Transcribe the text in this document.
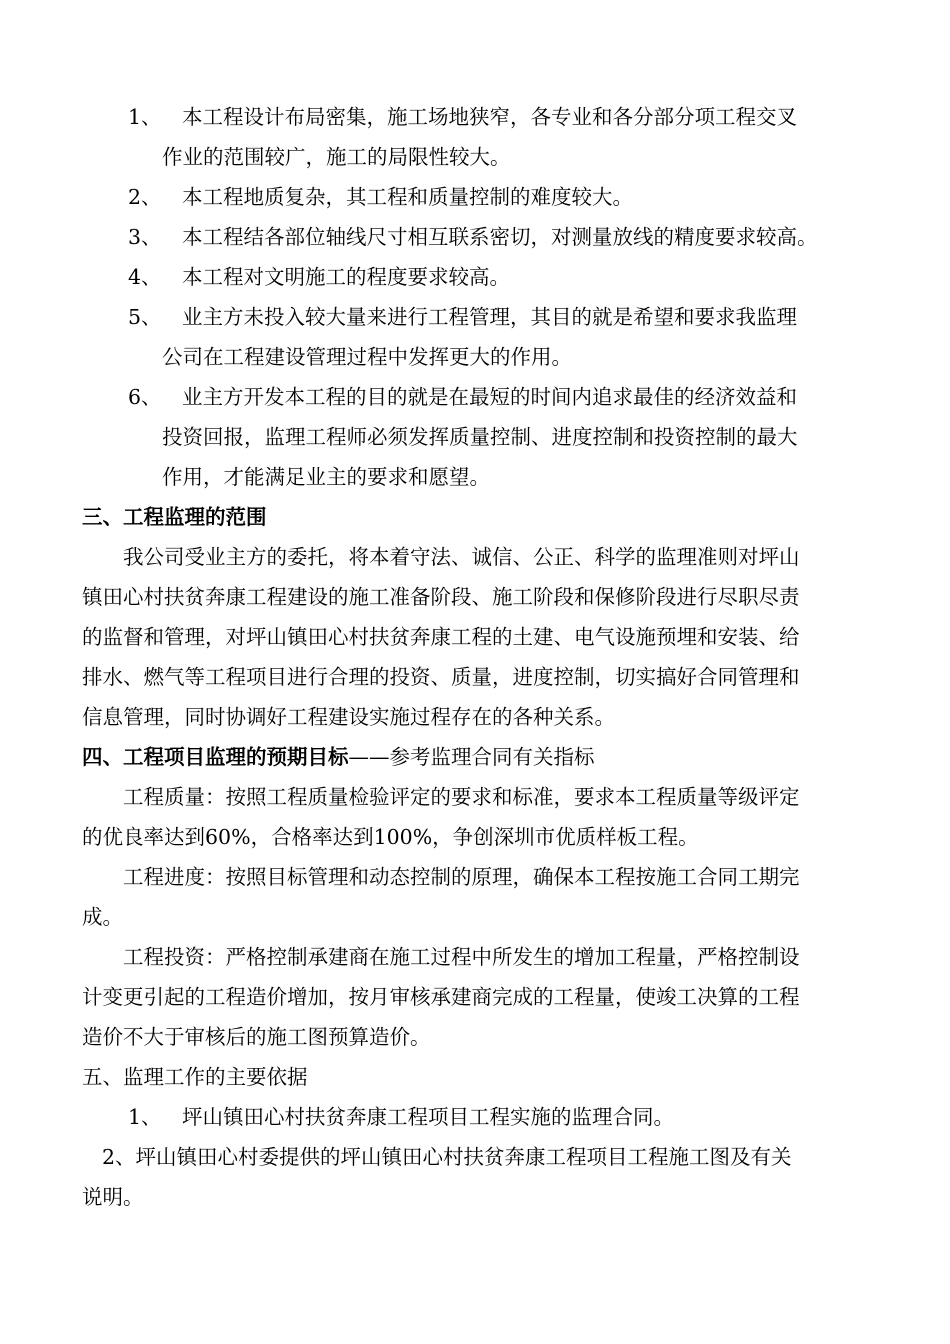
1、 本工程设计布局密集，施工场地狭窄，各专业和各分部分项工程交叉
作业的范围较广，施工的局限性较大。
2、 本工程地质复杂，其工程和质量控制的难度较大。
3、 本工程结各部位轴线尺寸相互联系密切，对测量放线的精度要求较高。
4、 本工程对文明施工的程度要求较高。
5、 业主方未投入较大量来进行工程管理，其目的就是希望和要求我监理
公司在工程建设管理过程中发挥更大的作用。
6、 业主方开发本工程的目的就是在最短的时间内追求最佳的经济效益和
投资回报，监理工程师必须发挥质量控制、进度控制和投资控制的最大
作用，才能满足业主的要求和愿望。
三、工程监理的范围
我公司受业主方的委托，将本着守法、诚信、公正、科学的监理准则对坪山
镇田心村扶贫奔康工程建设的施工准备阶段、施工阶段和保修阶段进行尽职尽责
的监督和管理，对坪山镇田心村扶贫奔康工程的土建、电气设施预埋和安装、给
排水、燃气等工程项目进行合理的投资、质量，进度控制，切实搞好合同管理和
信息管理，同时协调好工程建设实施过程存在的各种关系。
四、工程项目监理的预期目标——参考监理合同有关指标
工程质量：按照工程质量检验评定的要求和标准，要求本工程质量等级评定
的优良率达到60%，合格率达到100%，争创深圳市优质样板工程。
工程进度：按照目标管理和动态控制的原理，确保本工程按施工合同工期完
成。
工程投资：严格控制承建商在施工过程中所发生的增加工程量，严格控制设
计变更引起的工程造价增加，按月审核承建商完成的工程量，使竣工决算的工程
造价不大于审核后的施工图预算造价。
五、监理工作的主要依据
1、 坪山镇田心村扶贫奔康工程项目工程实施的监理合同。
2、坪山镇田心村委提供的坪山镇田心村扶贫奔康工程项目工程施工图及有关
说明。
